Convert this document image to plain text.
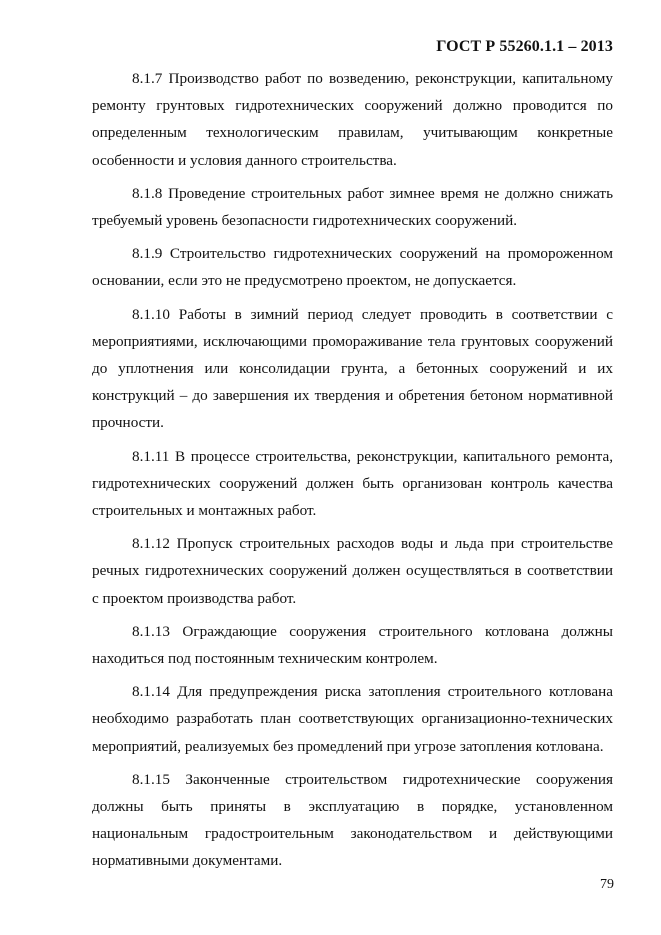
ГОСТ Р 55260.1.1 – 2013

8.1.7 Производство работ по возведению, реконструкции, капитальному ремонту грунтовых гидротехнических сооружений должно проводится по определенным технологическим правилам, учитывающим конкретные особенности и условия данного строительства.

8.1.8 Проведение строительных работ зимнее время не должно снижать требуемый уровень безопасности гидротехнических сооружений.

8.1.9 Строительство гидротехнических сооружений на промороженном основании, если это не предусмотрено проектом, не допускается.

8.1.10 Работы в зимний период следует проводить в соответствии с мероприятиями, исключающими промораживание тела грунтовых сооружений до уплотнения или консолидации грунта, а бетонных сооружений и их конструкций – до завершения их твердения и обретения бетоном нормативной прочности.

8.1.11 В процессе строительства, реконструкции, капитального ремонта, гидротехнических сооружений должен быть организован контроль качества строительных и монтажных работ.

8.1.12 Пропуск строительных расходов воды и льда при строительстве речных гидротехнических сооружений должен осуществляться в соответствии с проектом производства работ.

8.1.13 Ограждающие сооружения строительного котлована должны находиться под постоянным техническим контролем.

8.1.14 Для предупреждения риска затопления строительного котлована необходимо разработать план соответствующих организационно-технических мероприятий, реализуемых без промедлений при угрозе затопления котлована.

8.1.15 Законченные строительством гидротехнические сооружения должны быть приняты в эксплуатацию в порядке, установленном национальным градостроительным законодательством и действующими нормативными документами.

79
